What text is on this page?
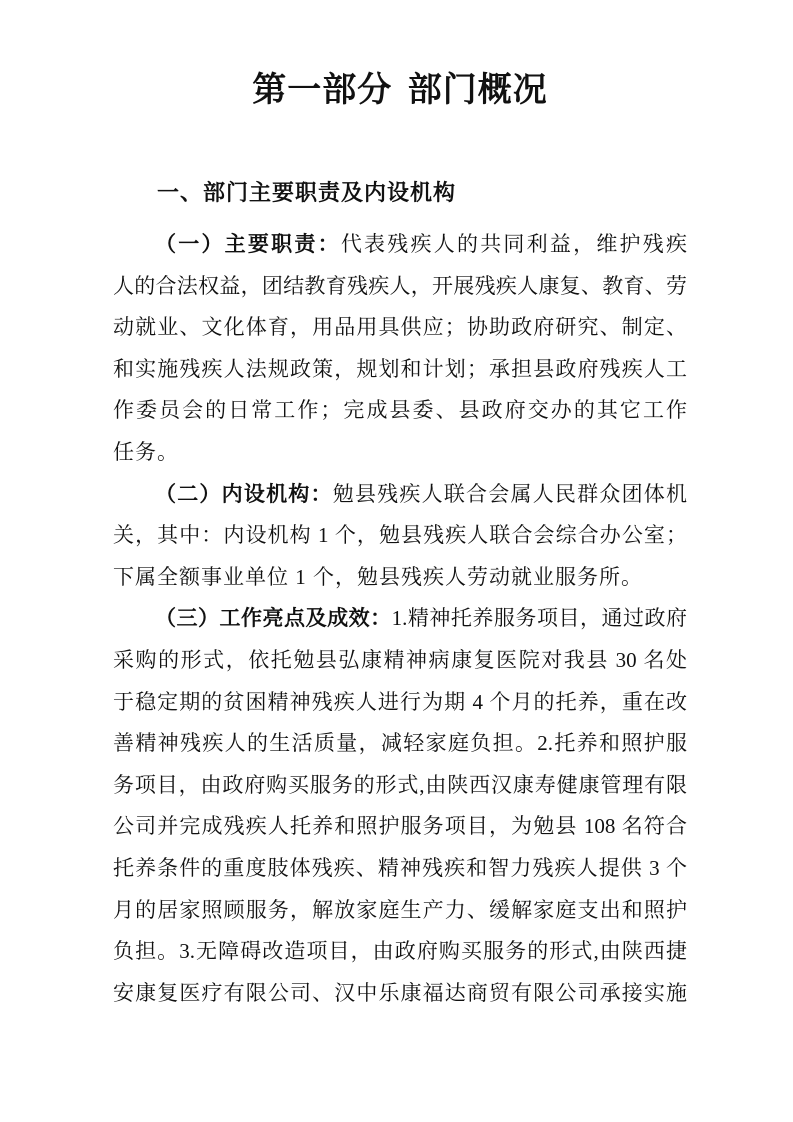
第一部分 部门概况
一、部门主要职责及内设机构
（一）主要职责：代表残疾人的共同利益，维护残疾
人的合法权益，团结教育残疾人，开展残疾人康复、教育、劳
动就业、文化体育，用品用具供应；协助政府研究、制定、
和实施残疾人法规政策，规划和计划；承担县政府残疾人工
作委员会的日常工作；完成县委、县政府交办的其它工作
任务。
（二）内设机构：勉县残疾人联合会属人民群众团体机
关，其中：内设机构 1 个，勉县残疾人联合会综合办公室；
下属全额事业单位 1 个，勉县残疾人劳动就业服务所。
（三）工作亮点及成效：1.精神托养服务项目，通过政府
采购的形式，依托勉县弘康精神病康复医院对我县 30 名处
于稳定期的贫困精神残疾人进行为期 4 个月的托养，重在改
善精神残疾人的生活质量，减轻家庭负担。2.托养和照护服
务项目，由政府购买服务的形式,由陕西汉康寿健康管理有限
公司并完成残疾人托养和照护服务项目，为勉县 108 名符合
托养条件的重度肢体残疾、精神残疾和智力残疾人提供 3 个
月的居家照顾服务，解放家庭生产力、缓解家庭支出和照护
负担。3.无障碍改造项目，由政府购买服务的形式,由陕西捷
安康复医疗有限公司、汉中乐康福达商贸有限公司承接实施
